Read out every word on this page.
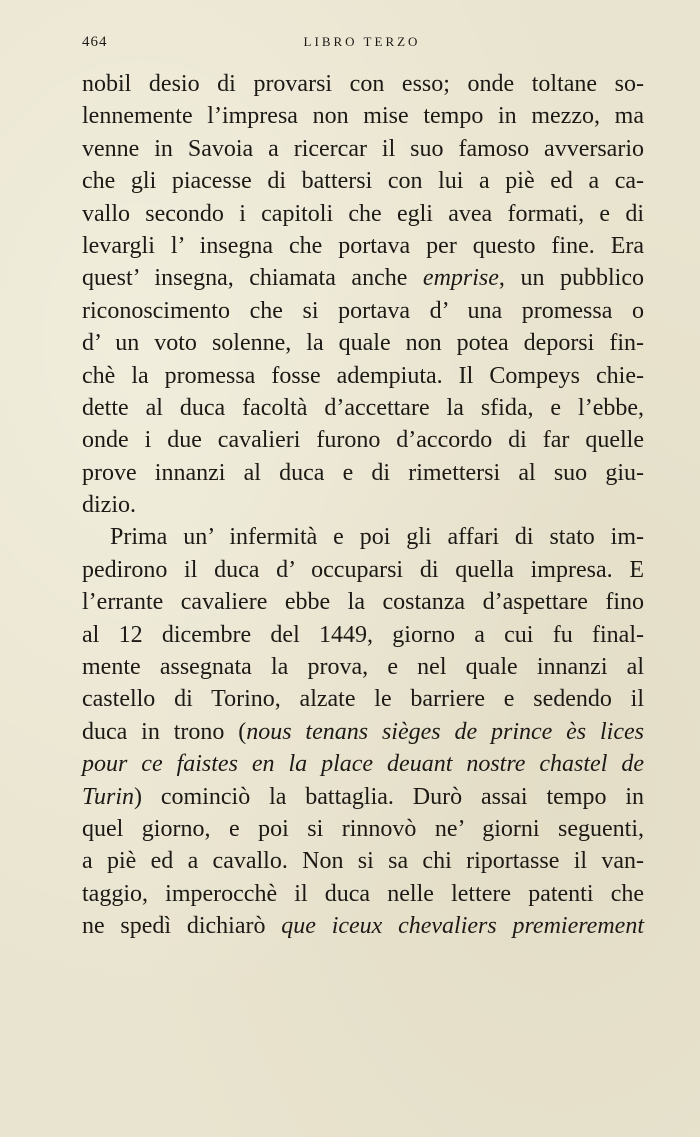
464	LIBRO TERZO
nobil desio di provarsi con esso; onde toltane so-
lennemente l’impresa non mise tempo in mezzo, ma
venne in Savoia a ricercar il suo famoso avversario
che gli piacesse di battersi con lui a piè ed a ca-
vallo secondo i capitoli che egli avea formati, e di
levargli l’ insegna che portava per questo fine. Era
quest’ insegna, chiamata anche emprise, un pubblico
riconoscimento che si portava d’ una promessa o
d’ un voto solenne, la quale non potea deporsi fin-
chè la promessa fosse adempiuta. Il Compeys chie-
dette al duca facoltà d’accettare la sfida, e l’ebbe,
onde i due cavalieri furono d’accordo di far quelle
prove innanzi al duca e di rimettersi al suo giu-
dizio.
Prima un’ infermità e poi gli affari di stato im-
pedirono il duca d’ occuparsi di quella impresa. E
l’errante cavaliere ebbe la costanza d’aspettare fino
al 12 dicembre del 1449, giorno a cui fu final-
mente assegnata la prova, e nel quale innanzi al
castello di Torino, alzate le barriere e sedendo il
duca in trono (nous tenans sièges de prince ès lices
pour ce faistes en la place deuant nostre chastel de
Turin) cominciò la battaglia. Durò assai tempo in
quel giorno, e poi si rinnovò ne’ giorni seguenti,
a piè ed a cavallo. Non si sa chi riportasse il van-
taggio, imperocchè il duca nelle lettere patenti che
ne spedì dichiarò que iceux chevaliers premierement
